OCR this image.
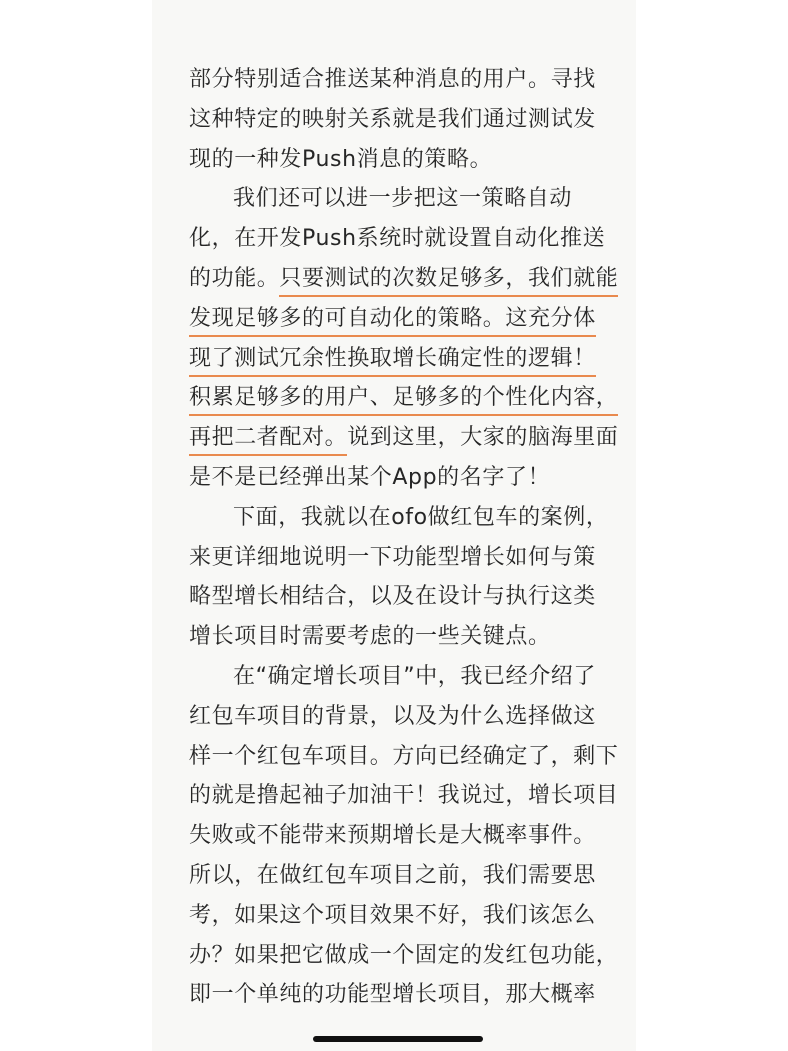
部分特别适合推送某种消息的用户。寻找
这种特定的映射关系就是我们通过测试发
现的一种发Push消息的策略。
我们还可以进一步把这一策略自动
化，在开发Push系统时就设置自动化推送
的功能。只要测试的次数足够多，我们就能
发现足够多的可自动化的策略。这充分体
现了测试冗余性换取增长确定性的逻辑！
积累足够多的用户、足够多的个性化内容，
再把二者配对。说到这里，大家的脑海里面
是不是已经弹出某个App的名字了！
下面，我就以在ofo做红包车的案例，
来更详细地说明一下功能型增长如何与策
略型增长相结合，以及在设计与执行这类
增长项目时需要考虑的一些关键点。
在“确定增长项目”中，我已经介绍了
红包车项目的背景，以及为什么选择做这
样一个红包车项目。方向已经确定了，剩下
的就是撸起袖子加油干！我说过，增长项目
失败或不能带来预期增长是大概率事件。
所以，在做红包车项目之前，我们需要思
考，如果这个项目效果不好，我们该怎么
办？如果把它做成一个固定的发红包功能，
即一个单纯的功能型增长项目，那大概率
